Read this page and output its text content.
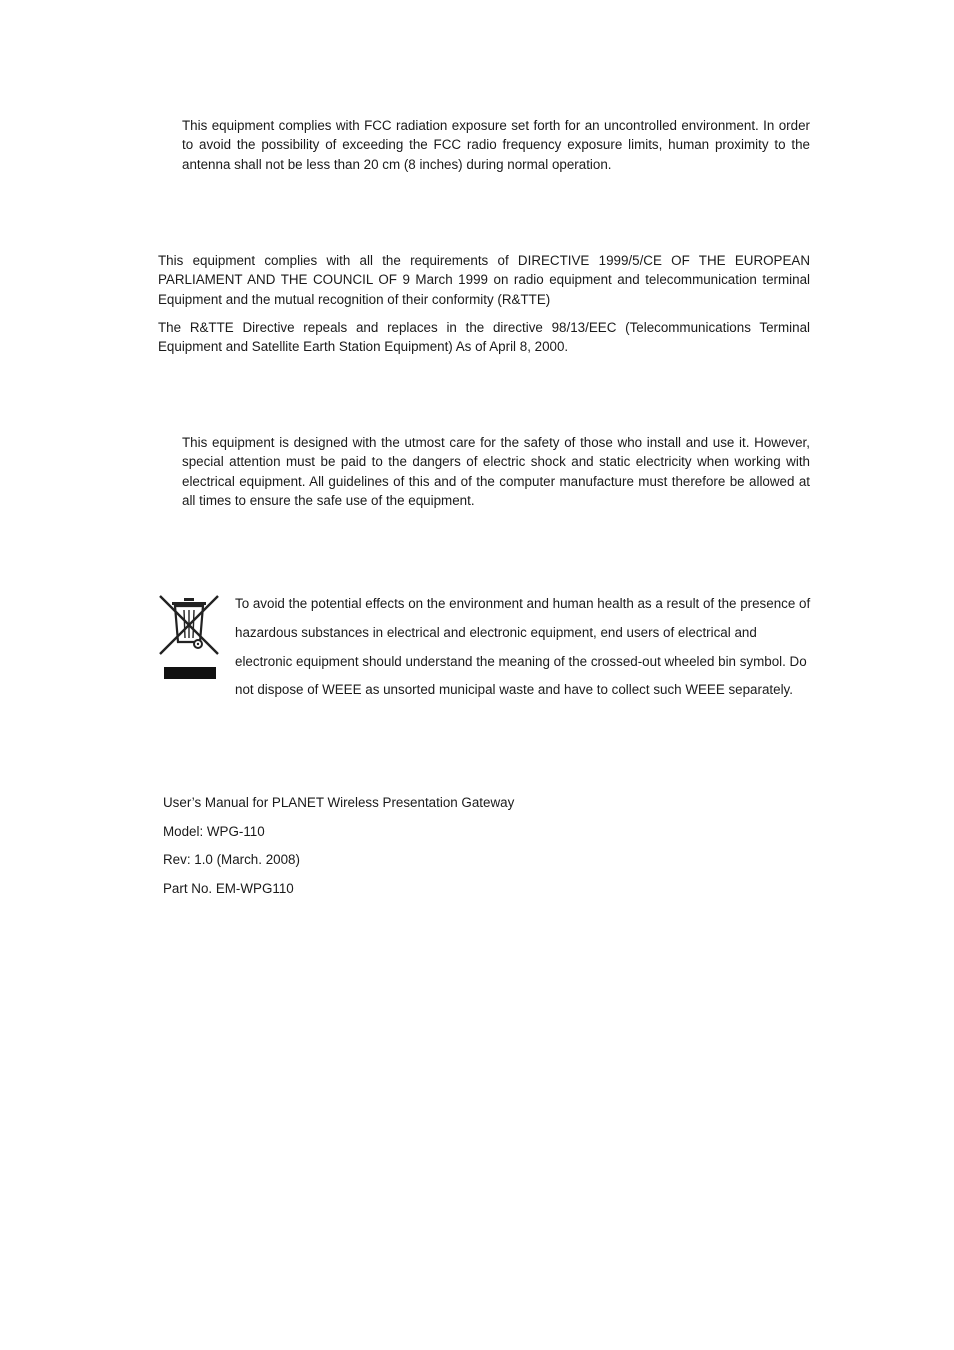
This equipment complies with FCC radiation exposure set forth for an uncontrolled environment. In order to avoid the possibility of exceeding the FCC radio frequency exposure limits, human proximity to the antenna shall not be less than 20 cm (8 inches) during normal operation.

This equipment complies with all the requirements of DIRECTIVE 1999/5/CE OF THE EUROPEAN PARLIAMENT AND THE COUNCIL OF 9 March 1999 on radio equipment and telecommunication terminal Equipment and the mutual recognition of their conformity (R&TTE)

The R&TTE Directive repeals and replaces in the directive 98/13/EEC (Telecommunications Terminal Equipment and Satellite Earth Station Equipment) As of April 8, 2000.

This equipment is designed with the utmost care for the safety of those who install and use it. However, special attention must be paid to the dangers of electric shock and static electricity when working with electrical equipment. All guidelines of this and of the computer manufacture must therefore be allowed at all times to ensure the safe use of the equipment.

To avoid the potential effects on the environment and human health as a result of the presence of hazardous substances in electrical and electronic equipment, end users of electrical and electronic equipment should understand the meaning of the crossed-out wheeled bin symbol. Do not dispose of WEEE as unsorted municipal waste and have to collect such WEEE separately.

User’s Manual for PLANET Wireless Presentation Gateway

Model: WPG-110

Rev: 1.0 (March. 2008)

Part No. EM-WPG110
